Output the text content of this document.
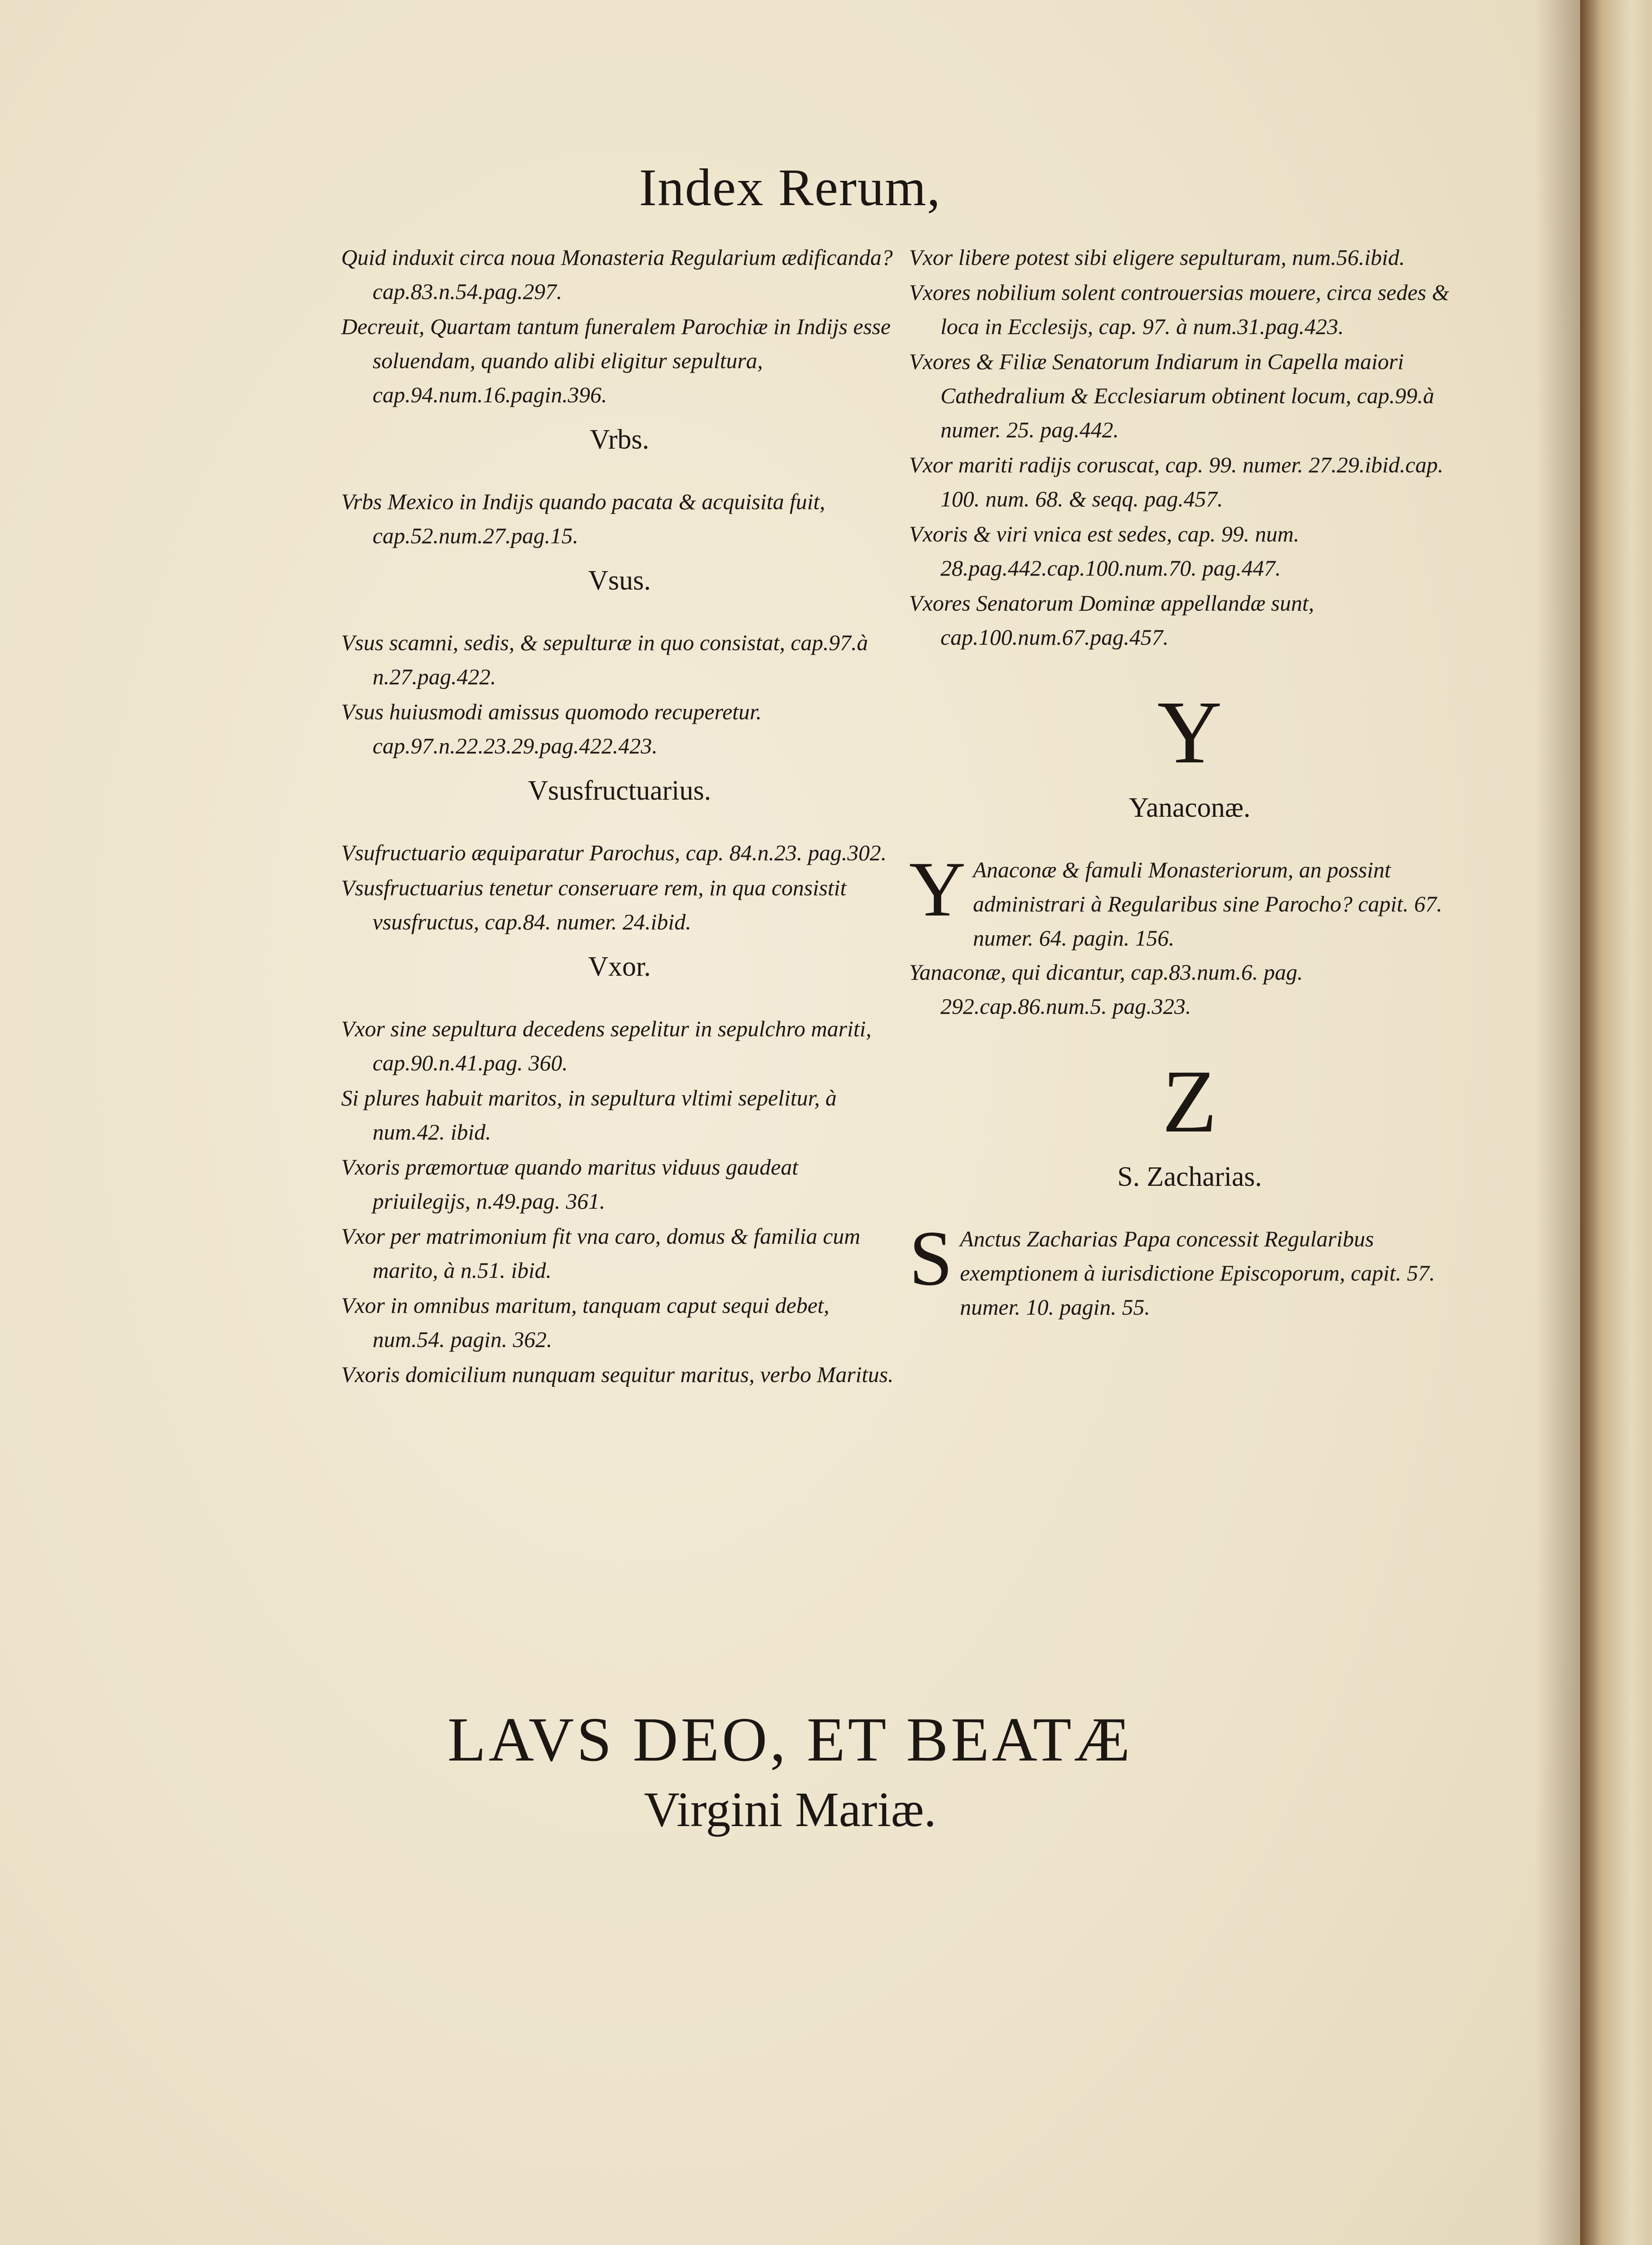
Index Rerum,

Quid induxit circa noua Monasteria Regularium ædificanda? cap.83.n.54.pag.297.

Decreuit, Quartam tantum funeralem Parochiæ in Indijs esse soluendam, quando alibi eligitur sepultura, cap.94.num.16.pagin.396.

Vrbs.

Vrbs Mexico in Indijs quando pacata & acquisita fuit, cap.52.num.27.pag.15.

Vsus.

Vsus scamni, sedis, & sepulturæ in quo consistat, cap.97.à n.27.pag.422.

Vsus huiusmodi amissus quomodo recuperetur. cap.97.n.22.23.29.pag.422.423.

Vsusfructuarius.

Vsufructuario æquiparatur Parochus, cap. 84.n.23. pag.302.

Vsusfructuarius tenetur conseruare rem, in qua consistit vsusfructus, cap.84. numer. 24.ibid.

Vxor.

Vxor sine sepultura decedens sepelitur in sepulchro mariti, cap.90.n.41.pag. 360.

Si plures habuit maritos, in sepultura vltimi sepelitur, à num.42. ibid.

Vxoris præmortuæ quando maritus viduus gaudeat priuilegijs, n.49.pag. 361.

Vxor per matrimonium fit vna caro, domus & familia cum marito, à n.51. ibid.

Vxor in omnibus maritum, tanquam caput sequi debet, num.54. pagin. 362.

Vxoris domicilium nunquam sequitur maritus, verbo Maritus.

Vxor libere potest sibi eligere sepulturam, num.56.ibid.

Vxores nobilium solent controuersias mouere, circa sedes & loca in Ecclesijs, cap. 97. à num.31.pag.423.

Vxores & Filiæ Senatorum Indiarum in Capella maiori Cathedralium & Ecclesiarum obtinent locum, cap.99.à numer. 25. pag.442.

Vxor mariti radijs coruscat, cap. 99. numer. 27.29.ibid.cap. 100. num. 68. & seqq. pag.457.

Vxoris & viri vnica est sedes, cap. 99. num. 28.pag.442.cap.100.num.70. pag.447.

Vxores Senatorum Dominæ appellandæ sunt, cap.100.num.67.pag.457.

Y
Yanaconæ.
Y Anaconæ & famuli Monasteriorum, an possint administrari à Regularibus sine Parocho? capit. 67. numer. 64. pagin. 156.

Yanaconæ, qui dicantur, cap.83.num.6. pag. 292.cap.86.num.5. pag.323.

Z
S. Zacharias.
S Anctus Zacharias Papa concessit Regularibus exemptionem à iurisdictione Episcoporum, capit. 57. numer. 10. pagin. 55.
LAVS DEO, ET BEATÆ
Virgini Mariæ.
